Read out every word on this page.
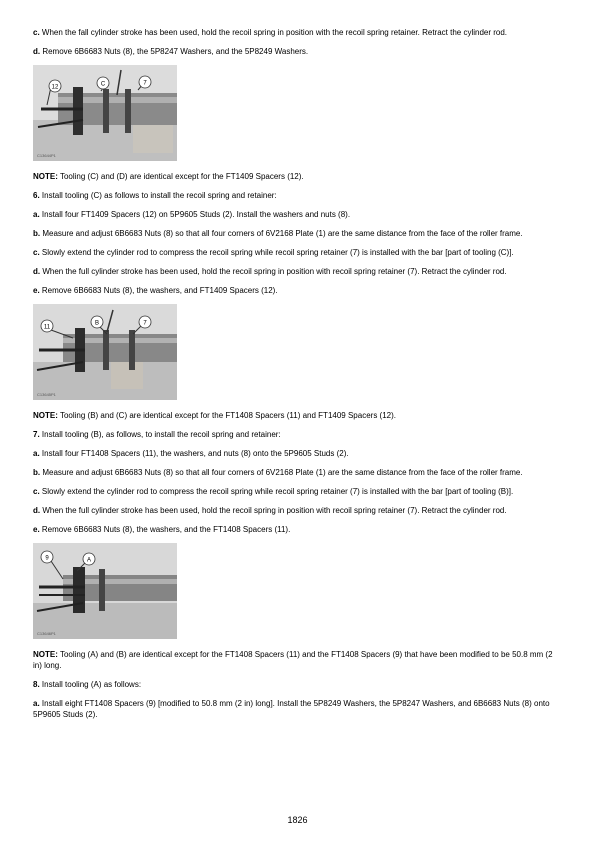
c. When the fall cylinder stroke has been used, hold the recoil spring in position with the recoil spring retainer. Retract the cylinder rod.

d. Remove 6B6683 Nuts (8), the 5P8247 Washers, and the 5P8249 Washers.

12	C	7
C13644P1

NOTE: Tooling (C) and (D) are identical except for the FT1409 Spacers (12).

6. Install tooling (C) as follows to install the recoil spring and retainer:

a. Install four FT1409 Spacers (12) on 5P9605 Studs (2). Install the washers and nuts (8).

b. Measure and adjust 6B6683 Nuts (8) so that all four corners of 6V2168 Plate (1) are the same distance from the face of the roller frame.

c. Slowly extend the cylinder rod to compress the recoil spring while recoil spring retainer (7) is installed with the bar [part of tooling (C)].

d. When the full cylinder stroke has been used, hold the recoil spring in position with recoil spring retainer (7). Retract the cylinder rod.

e. Remove 6B6683 Nuts (8), the washers, and FT1409 Spacers (12).

11
B	7
C13645P1

NOTE: Tooling (B) and (C) are identical except for the FT1408 Spacers (11) and FT1409 Spacers (12).

7. Install tooling (B), as follows, to install the recoil spring and retainer:

a. Install four FT1408 Spacers (11), the washers, and nuts (8) onto the 5P9605 Studs (2).

b. Measure and adjust 6B6683 Nuts (8) so that all four corners of 6V2168 Plate (1) are the same distance from the face of the roller frame.

c. Slowly extend the cylinder rod to compress the recoil spring while recoil spring retainer (7) is installed with the bar [part of tooling (B)].

d. When the full cylinder stroke has been used, hold the recoil spring in position with recoil spring retainer (7). Retract the cylinder rod.

e. Remove 6B6683 Nuts (8), the washers, and the FT1408 Spacers (11).

9	A
C13646P1

NOTE: Tooling (A) and (B) are identical except for the FT1408 Spacers (11) and the FT1408 Spacers (9) that have been modified to be 50.8 mm (2 in) long.

8. Install tooling (A) as follows:

a. Install eight FT1408 Spacers (9) [modified to 50.8 mm (2 in) long]. Install the 5P8249 Washers, the 5P8247 Washers, and 6B6683 Nuts (8) onto 5P9605 Studs (2).

1826
